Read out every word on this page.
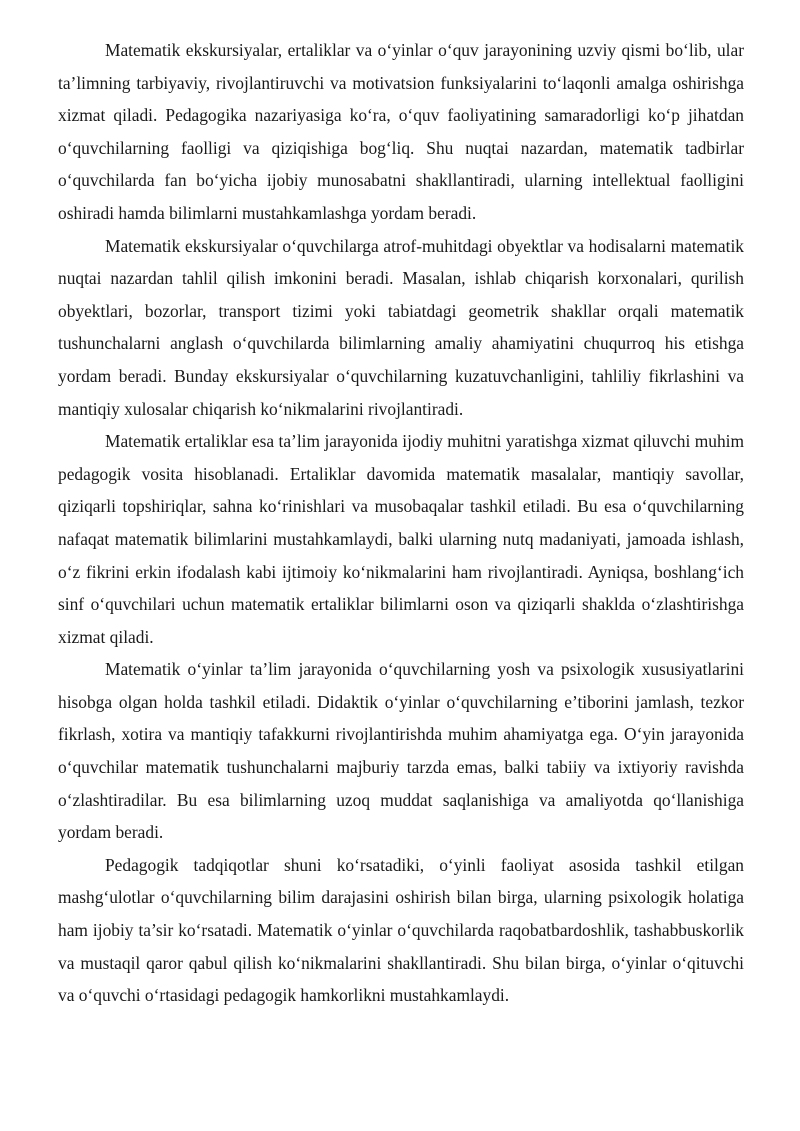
Matematik ekskursiyalar, ertaliklar va o‘yinlar o‘quv jarayonining uzviy qismi bo‘lib, ular ta’limning tarbiyaviy, rivojlantiruvchi va motivatsion funksiyalarini to‘laqonli amalga oshirishga xizmat qiladi. Pedagogika nazariyasiga ko‘ra, o‘quv faoliyatining samaradorligi ko‘p jihatdan o‘quvchilarning faolligi va qiziqishiga bog‘liq. Shu nuqtai nazardan, matematik tadbirlar o‘quvchilarda fan bo‘yicha ijobiy munosabatni shakllantiradi, ularning intellektual faolligini oshiradi hamda bilimlarni mustahkamlashga yordam beradi.

Matematik ekskursiyalar o‘quvchilarga atrof-muhitdagi obyektlar va hodisalarni matematik nuqtai nazardan tahlil qilish imkonini beradi. Masalan, ishlab chiqarish korxonalari, qurilish obyektlari, bozorlar, transport tizimi yoki tabiatdagi geometrik shakllar orqali matematik tushunchalarni anglash o‘quvchilarda bilimlarning amaliy ahamiyatini chuqurroq his etishga yordam beradi. Bunday ekskursiyalar o‘quvchilarning kuzatuvchanligini, tahliliy fikrlashini va mantiqiy xulosalar chiqarish ko‘nikmalarini rivojlantiradi.

Matematik ertaliklar esa ta’lim jarayonida ijodiy muhitni yaratishga xizmat qiluvchi muhim pedagogik vosita hisoblanadi. Ertaliklar davomida matematik masalalar, mantiqiy savollar, qiziqarli topshiriqlar, sahna ko‘rinishlari va musobaqalar tashkil etiladi. Bu esa o‘quvchilarning nafaqat matematik bilimlarini mustahkamlaydi, balki ularning nutq madaniyati, jamoada ishlash, o‘z fikrini erkin ifodalash kabi ijtimoiy ko‘nikmalarini ham rivojlantiradi. Ayniqsa, boshlang‘ich sinf o‘quvchilari uchun matematik ertaliklar bilimlarni oson va qiziqarli shaklda o‘zlashtirishga xizmat qiladi.

Matematik o‘yinlar ta’lim jarayonida o‘quvchilarning yosh va psixologik xususiyatlarini hisobga olgan holda tashkil etiladi. Didaktik o‘yinlar o‘quvchilarning e’tiborini jamlash, tezkor fikrlash, xotira va mantiqiy tafakkurni rivojlantirishda muhim ahamiyatga ega. O‘yin jarayonida o‘quvchilar matematik tushunchalarni majburiy tarzda emas, balki tabiiy va ixtiyoriy ravishda o‘zlashtiradilar. Bu esa bilimlarning uzoq muddat saqlanishiga va amaliyotda qo‘llanishiga yordam beradi.

Pedagogik tadqiqotlar shuni ko‘rsatadiki, o‘yinli faoliyat asosida tashkil etilgan mashg‘ulotlar o‘quvchilarning bilim darajasini oshirish bilan birga, ularning psixologik holatiga ham ijobiy ta’sir ko‘rsatadi. Matematik o‘yinlar o‘quvchilarda raqobatbardoshlik, tashabbuskorlik va mustaqil qaror qabul qilish ko‘nikmalarini shakllantiradi. Shu bilan birga, o‘yinlar o‘qituvchi va o‘quvchi o‘rtasidagi pedagogik hamkorlikni mustahkamlaydi.
